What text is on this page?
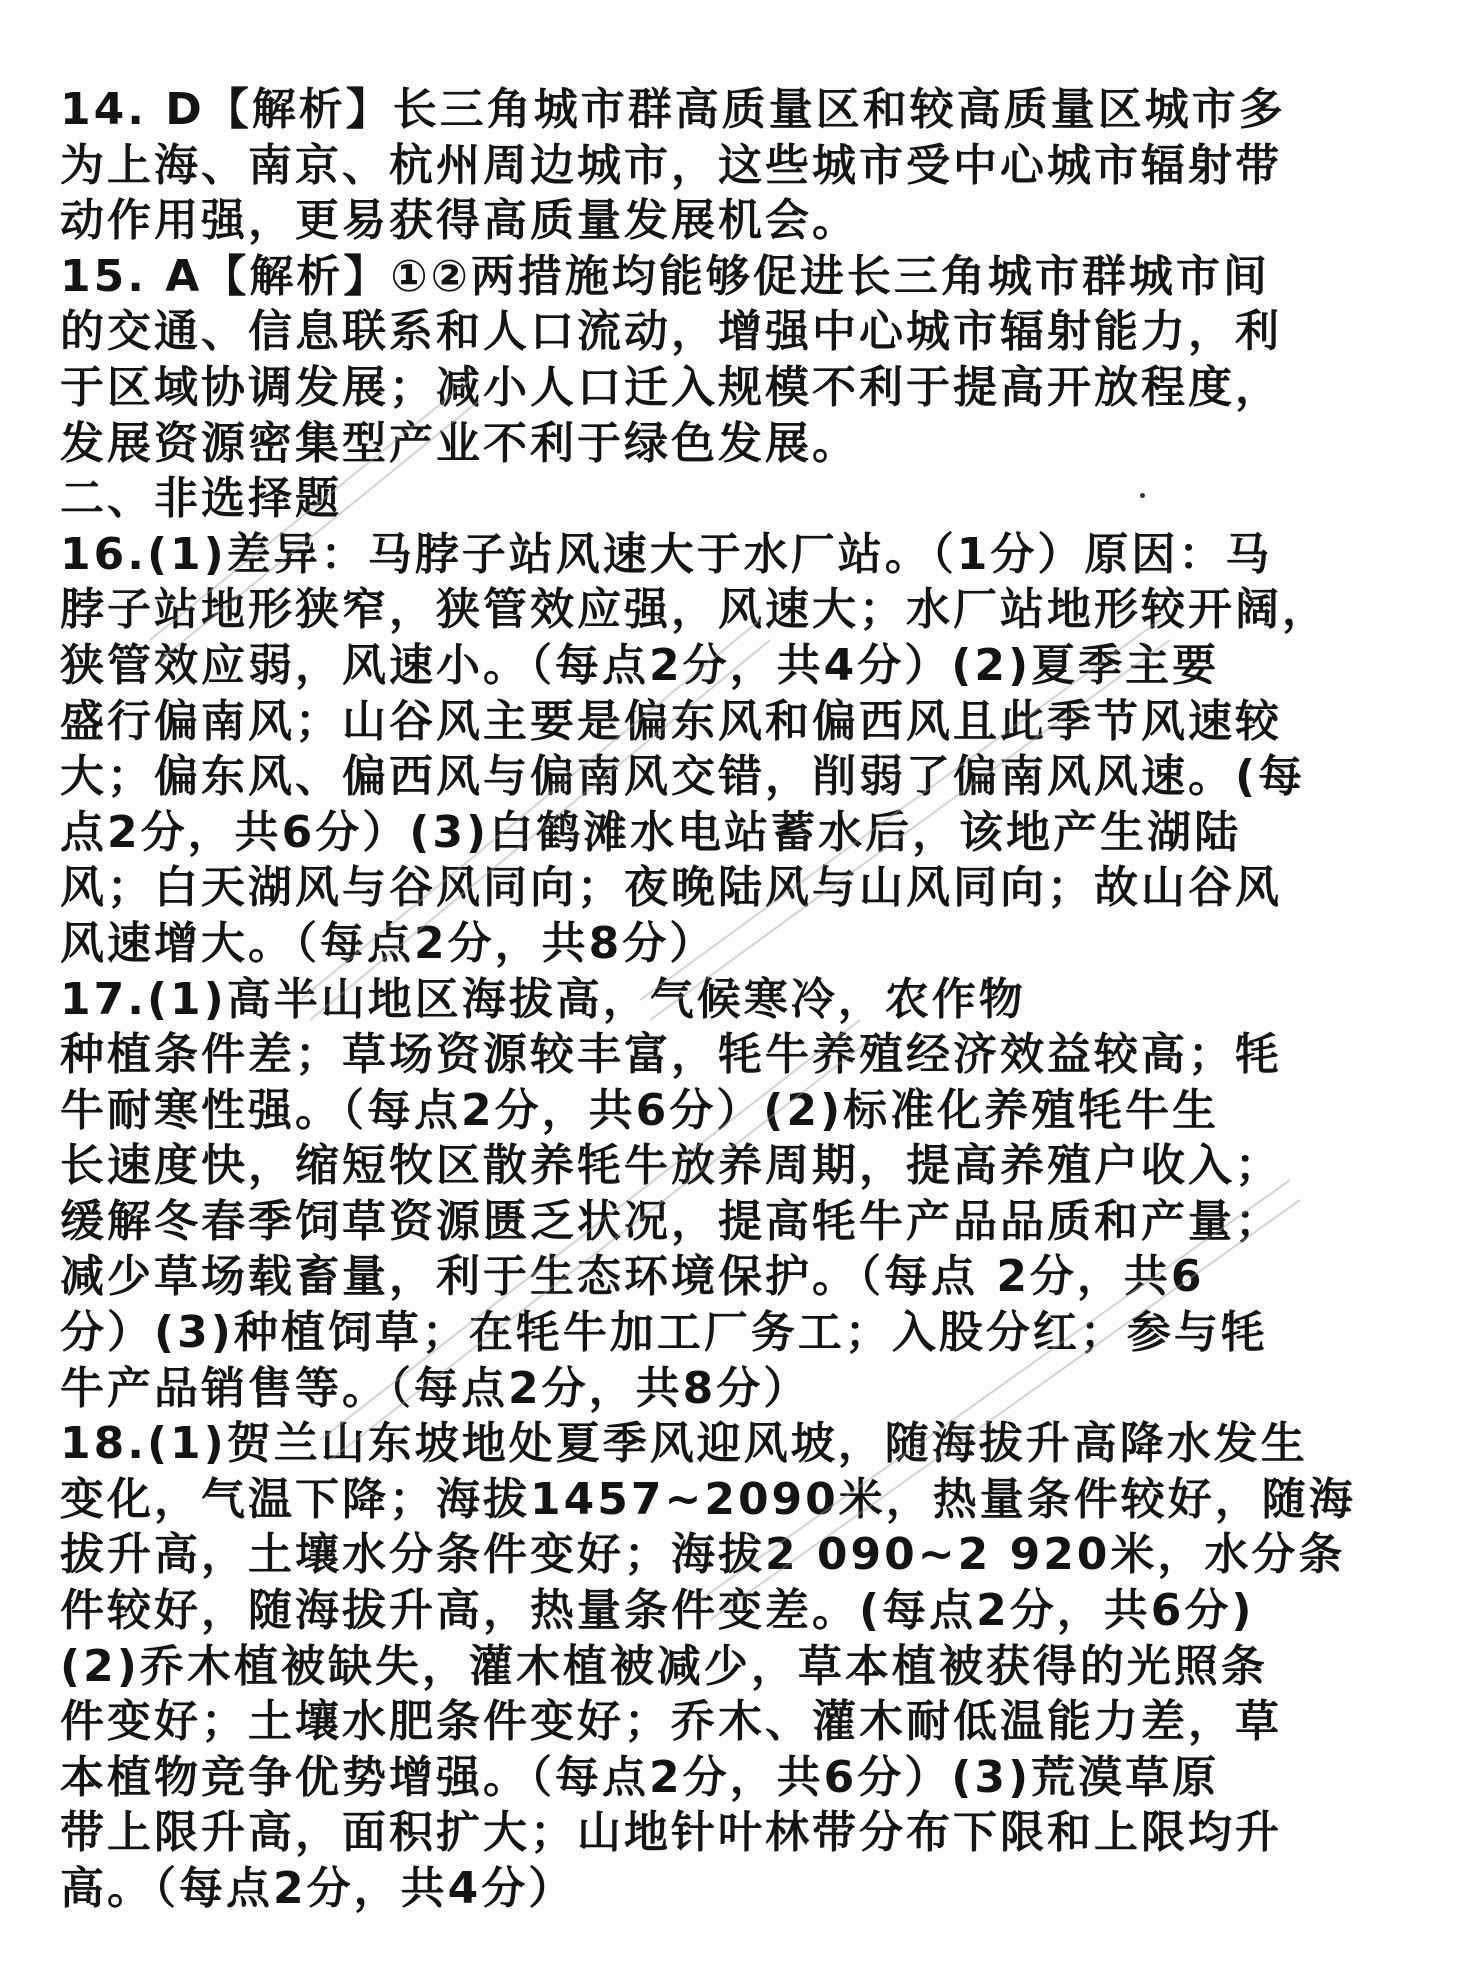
14. D【解析】长三角城市群高质量区和较高质量区城市多
为上海、南京、杭州周边城市，这些城市受中心城市辐射带
动作用强，更易获得高质量发展机会。
15. A【解析】①②两措施均能够促进长三角城市群城市间
的交通、信息联系和人口流动，增强中心城市辐射能力，利
于区域协调发展；减小人口迁入规模不利于提高开放程度，
发展资源密集型产业不利于绿色发展。
二、非选择题
16.(1)差异：马脖子站风速大于水厂站。（1分）原因：马
脖子站地形狭窄，狭管效应强，风速大；水厂站地形较开阔，
狭管效应弱，风速小。（每点2分，共4分）(2)夏季主要
盛行偏南风；山谷风主要是偏东风和偏西风且此季节风速较
大；偏东风、偏西风与偏南风交错，削弱了偏南风风速。(每
点2分，共6分）(3)白鹤滩水电站蓄水后，该地产生湖陆
风；白天湖风与谷风同向；夜晚陆风与山风同向；故山谷风
风速增大。（每点2分，共8分）
17.(1)高半山地区海拔高，气候寒冷，农作物
种植条件差；草场资源较丰富，牦牛养殖经济效益较高；牦
牛耐寒性强。（每点2分，共6分）(2)标准化养殖牦牛生
长速度快，缩短牧区散养牦牛放养周期，提高养殖户收入；
缓解冬春季饲草资源匮乏状况，提高牦牛产品品质和产量；
减少草场载畜量，利于生态环境保护。（每点 2分，共6
分）(3)种植饲草；在牦牛加工厂务工；入股分红；参与牦
牛产品销售等。（每点2分，共8分）
18.(1)贺兰山东坡地处夏季风迎风坡，随海拔升高降水发生
变化，气温下降；海拔1457~2090米，热量条件较好，随海
拔升高，土壤水分条件变好；海拔2 090~2 920米，水分条
件较好，随海拔升高，热量条件变差。(每点2分，共6分)
(2)乔木植被缺失，灌木植被减少，草本植被获得的光照条
件变好；土壤水肥条件变好；乔木、灌木耐低温能力差，草
本植物竞争优势增强。（每点2分，共6分）(3)荒漠草原
带上限升高，面积扩大；山地针叶林带分布下限和上限均升
高。（每点2分，共4分）
